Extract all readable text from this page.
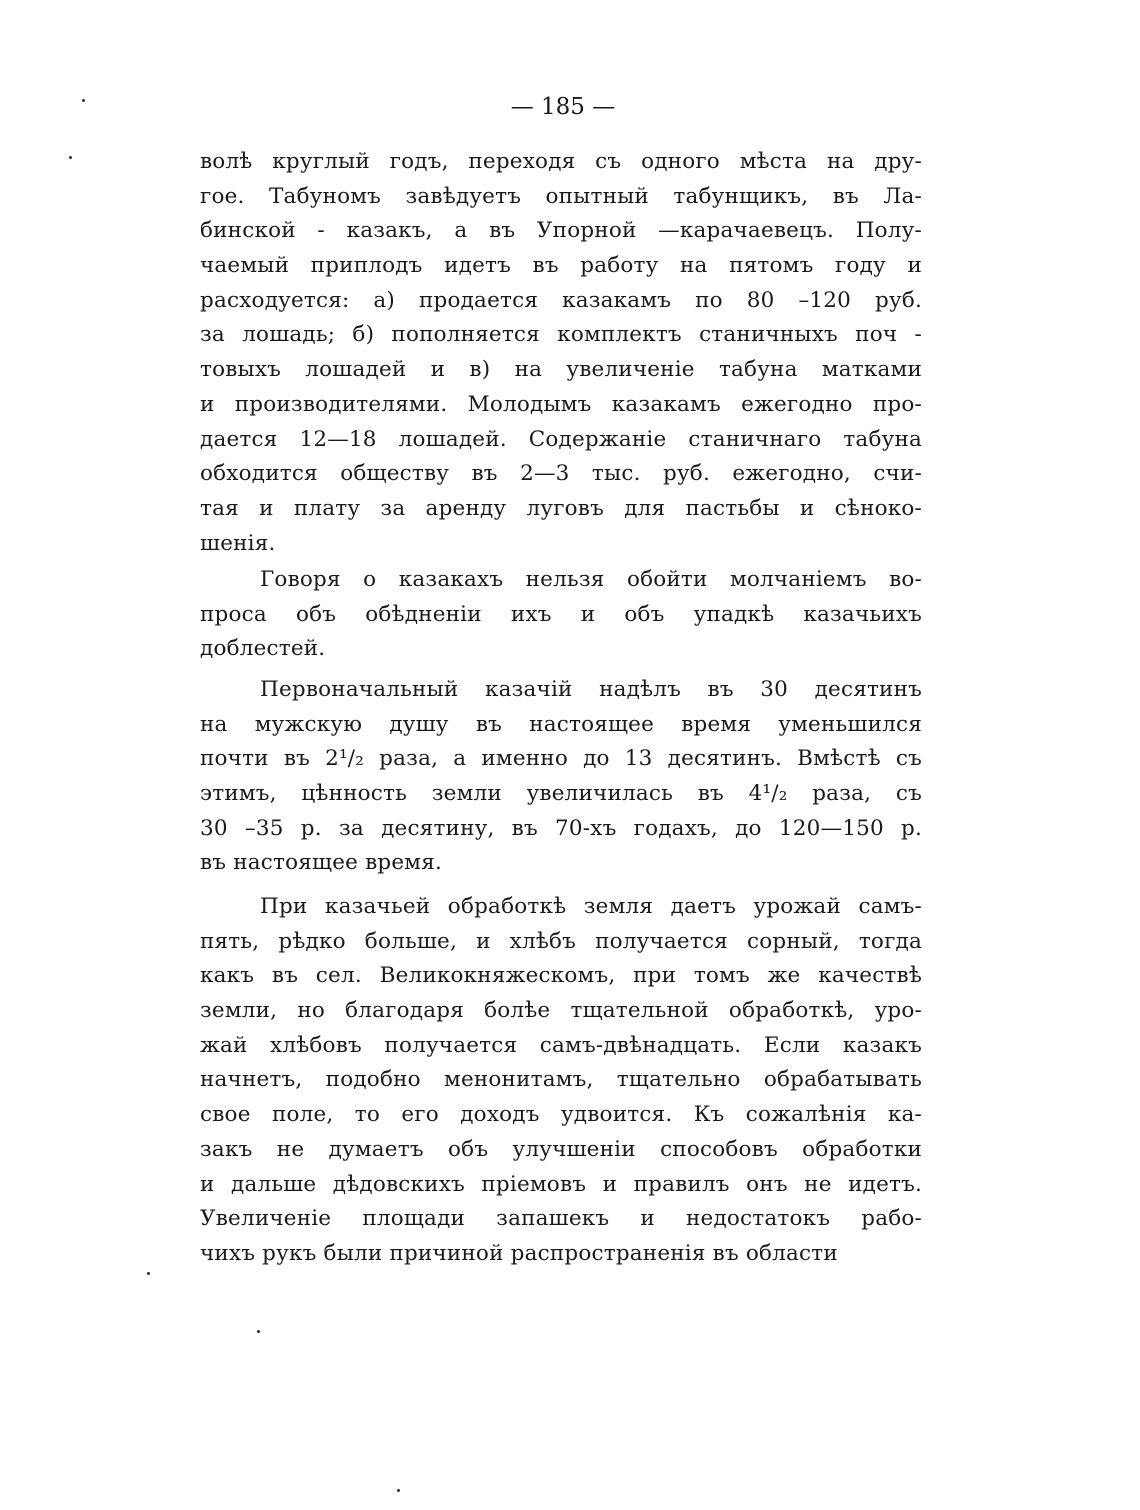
— 185 —
волѣ круглый годъ, переходя съ одного мѣста на дру-
гое. Табуномъ завѣдуетъ опытный табунщикъ, въ Ла-
бинской - казакъ, а въ Упорной —карачаевецъ. Полу-
чаемый приплодъ идетъ въ работу на пятомъ году и
расходуется: а) продается казакамъ по 80 –120 руб.
за лошадь; б) пополняется комплектъ станичныхъ поч -
товыхъ лошадей и в) на увеличеніе табуна матками
и производителями. Молодымъ казакамъ ежегодно про-
дается 12—18 лошадей. Содержаніе станичнаго табуна
обходится обществу въ 2—3 тыс. руб. ежегодно, счи-
тая и плату за аренду луговъ для пастьбы и сѣноко-
шенія.
Говоря о казакахъ нельзя обойти молчаніемъ во-
проса объ обѣдненіи ихъ и объ упадкѣ казачьихъ
доблестей.
Первоначальный казачій надѣлъ въ 30 десятинъ
на мужскую душу въ настоящее время уменьшился
почти въ 2¹/₂ раза, а именно до 13 десятинъ. Вмѣстѣ съ
этимъ, цѣнность земли увеличилась въ 4¹/₂ раза, съ
30 –35 р. за десятину, въ 70-хъ годахъ, до 120—150 р.
въ настоящее время.
При казачьей обработкѣ земля даетъ урожай самъ-
пять, рѣдко больше, и хлѣбъ получается сорный, тогда
какъ въ сел. Великокняжескомъ, при томъ же качествѣ
земли, но благодаря болѣе тщательной обработкѣ, уро-
жай хлѣбовъ получается самъ-двѣнадцать. Если казакъ
начнетъ, подобно менонитамъ, тщательно обрабатывать
свое поле, то его доходъ удвоится. Къ сожалѣнія ка-
закъ не думаетъ объ улучшеніи способовъ обработки
и дальше дѣдовскихъ пріемовъ и правилъ онъ не идетъ.
Увеличеніе площади запашекъ и недостатокъ рабо-
чихъ рукъ были причиной распространенія въ области
